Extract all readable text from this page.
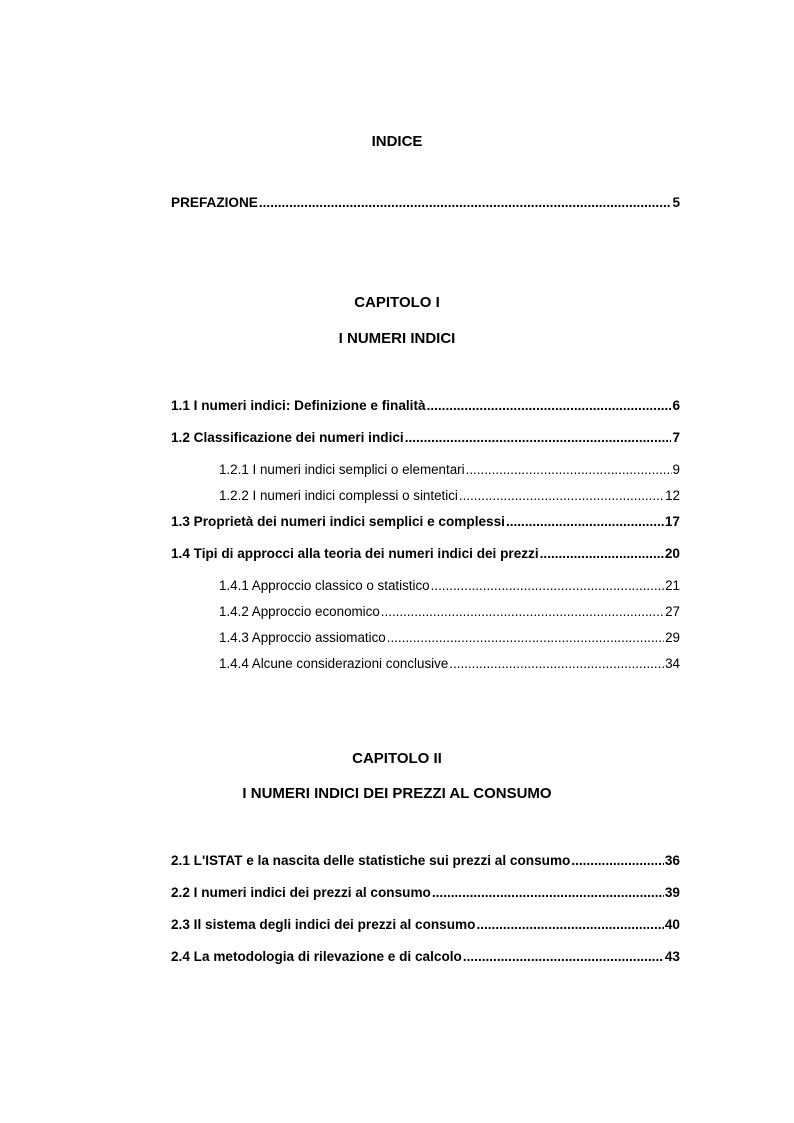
INDICE
PREFAZIONE .....	5
CAPITOLO I
I NUMERI INDICI
1.1 I numeri indici: Definizione e finalità .....	6
1.2 Classificazione dei numeri indici .....	7
1.2.1 I numeri indici semplici o elementari .....	9
1.2.2 I numeri indici complessi o sintetici .....	12
1.3 Proprietà dei numeri indici semplici e complessi .....	17
1.4 Tipi di approcci alla teoria dei numeri indici dei prezzi .....	20
1.4.1 Approccio classico o statistico .....	21
1.4.2 Approccio economico .....	27
1.4.3 Approccio assiomatico .....	29
1.4.4 Alcune considerazioni conclusive .....	34
CAPITOLO II
I NUMERI INDICI DEI PREZZI AL CONSUMO
2.1 L'ISTAT e la nascita delle statistiche sui prezzi al consumo .....	36
2.2 I numeri indici dei prezzi al consumo .....	39
2.3 Il sistema degli indici dei prezzi al consumo .....	40
2.4 La metodologia di rilevazione e di calcolo .....	43
